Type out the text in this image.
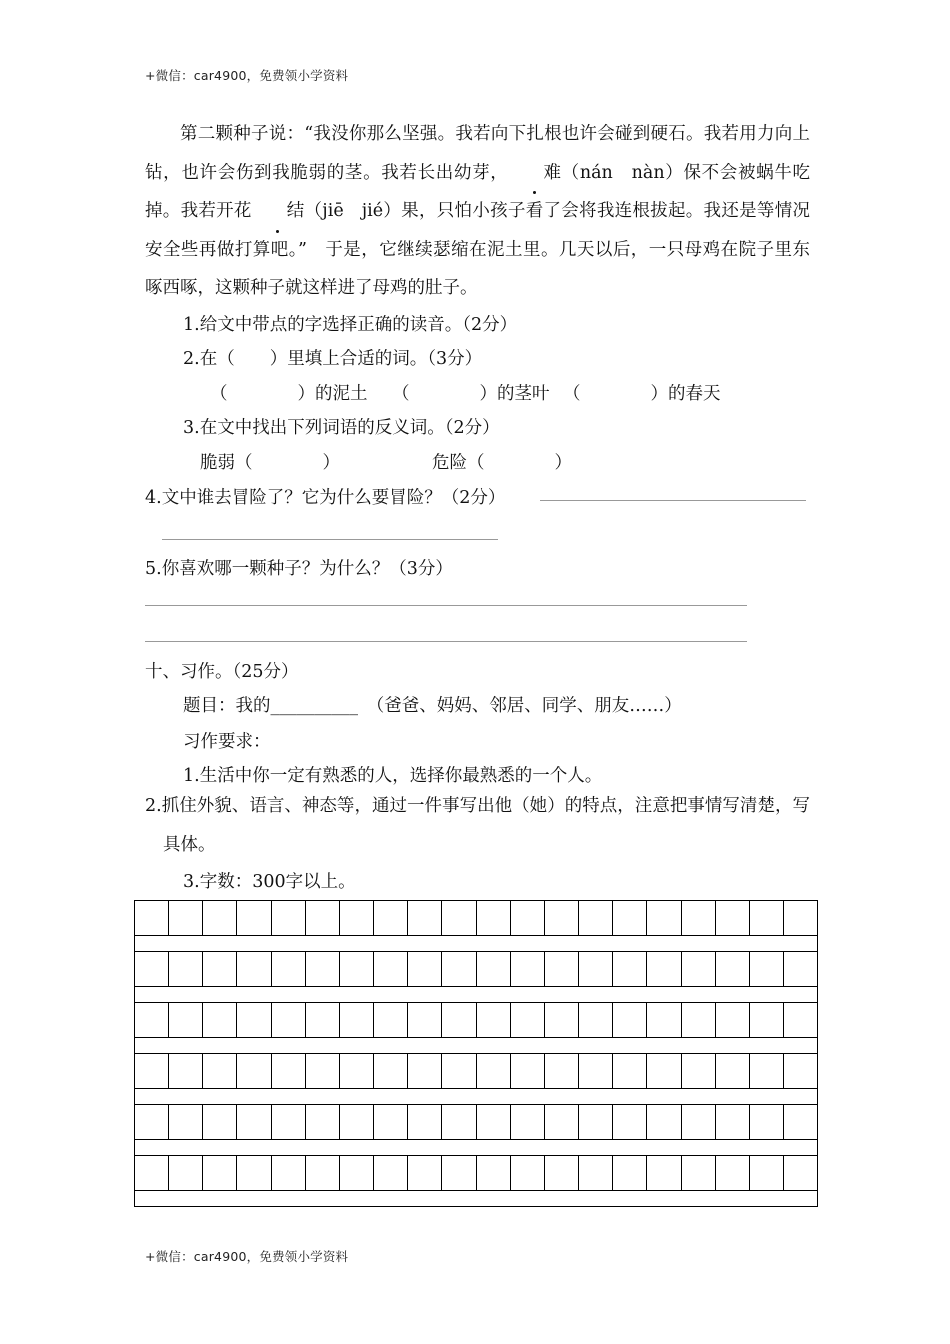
+微信：car4900，免费领小学资料
第二颗种子说：“我没你那么坚强。我若向下扎根也许会碰到硬石。我若用力向上钻，也许会伤到我脆弱的茎。我若长出幼芽， 难（nán　nàn）保不会被蜗牛吃掉。我若开花 结（jiē　jié）果，只怕小孩子看了会将我连根拔起。我还是等情况安全些再做打算吧。”　于是，它继续瑟缩在泥土里。几天以后，一只母鸡在院子里东啄西啄，这颗种子就这样进了母鸡的肚子。
1.给文中带点的字选择正确的读音。（2分）
2.在（　　）里填上合适的词。（3分）
（　　　　）的泥土 （　　　　）的茎叶 （　　　　）的春天
3.在文中找出下列词语的反义词。（2分）
脆弱（　　　　）	危险（　　　　）
4.文中谁去冒险了？它为什么要冒险？（2分）
5.你喜欢哪一颗种子？为什么？（3分）
十、习作。（25分）
题目：我的__________　（爸爸、妈妈、邻居、同学、朋友……）
习作要求：
1.生活中你一定有熟悉的人，选择你最熟悉的一个人。
2.抓住外貌、语言、神态等，通过一件事写出他（她）的特点，注意把事情写清楚，写具体。
3.字数：300字以上。
+微信：car4900，免费领小学资料
